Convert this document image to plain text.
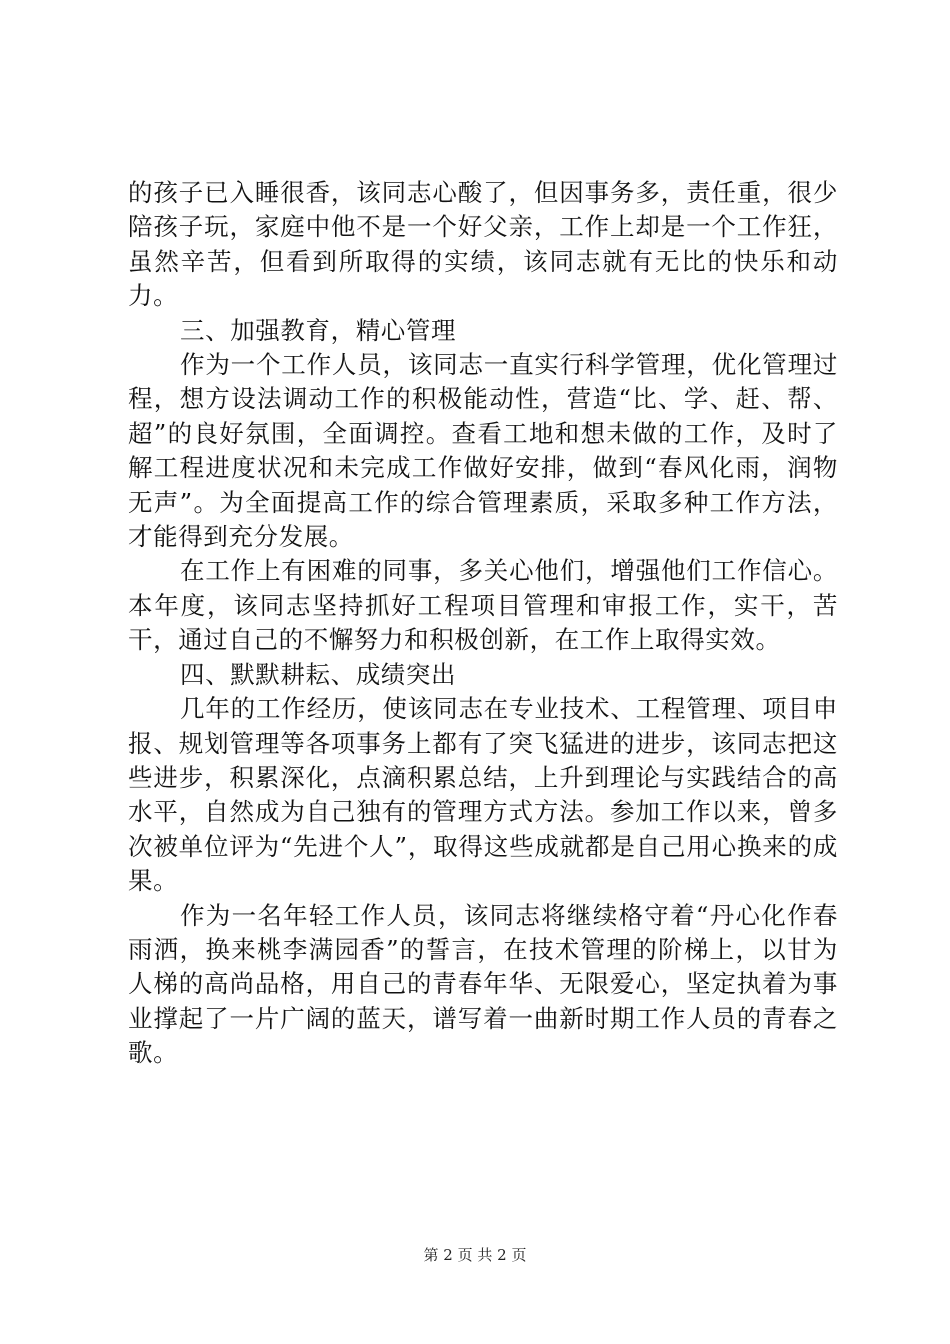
的孩子已入睡很香，该同志心酸了，但因事务多，责任重，很少陪孩子玩，家庭中他不是一个好父亲，工作上却是一个工作狂，虽然辛苦，但看到所取得的实绩，该同志就有无比的快乐和动力。

三、加强教育，精心管理

作为一个工作人员，该同志一直实行科学管理，优化管理过程，想方设法调动工作的积极能动性，营造“比、学、赶、帮、超”的良好氛围，全面调控。查看工地和想未做的工作，及时了解工程进度状况和未完成工作做好安排，做到“春风化雨，润物无声”。为全面提高工作的综合管理素质，采取多种工作方法，才能得到充分发展。

在工作上有困难的同事，多关心他们，增强他们工作信心。本年度，该同志坚持抓好工程项目管理和审报工作，实干，苦干，通过自己的不懈努力和积极创新，在工作上取得实效。

四、默默耕耘、成绩突出

几年的工作经历，使该同志在专业技术、工程管理、项目申报、规划管理等各项事务上都有了突飞猛进的进步，该同志把这些进步，积累深化，点滴积累总结，上升到理论与实践结合的高水平，自然成为自己独有的管理方式方法。参加工作以来，曾多次被单位评为“先进个人”，取得这些成就都是自己用心换来的成果。

作为一名年轻工作人员，该同志将继续格守着“丹心化作春雨洒，换来桃李满园香”的誓言，在技术管理的阶梯上，以甘为人梯的高尚品格，用自己的青春年华、无限爱心，坚定执着为事业撑起了一片广阔的蓝天，谱写着一曲新时期工作人员的青春之歌。

第 2 页 共 2 页
